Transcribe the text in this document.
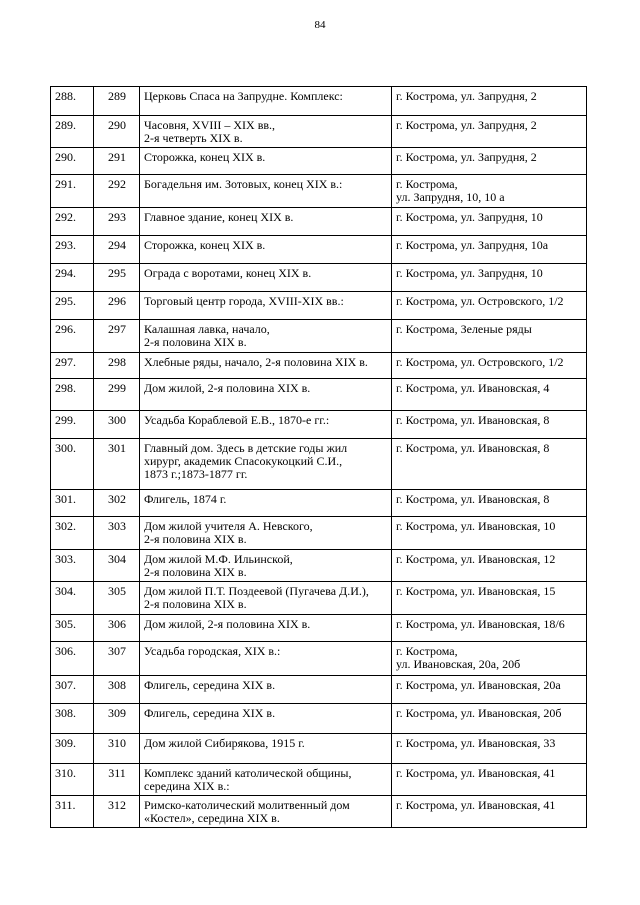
84
288.	289	Церковь Спаса на Запрудне. Комплекс:	г. Кострома, ул. Запрудня, 2
289.	290	Часовня, XVIII – XIX вв.,
2-я четверть XIX в.	г. Кострома, ул. Запрудня, 2
290.	291	Сторожка, конец XIX в.	г. Кострома, ул. Запрудня, 2
291.	292	Богадельня им. Зотовых, конец XIX в.:	г. Кострома,
ул. Запрудня, 10, 10 а
292.	293	Главное здание, конец XIX в.	г. Кострома, ул. Запрудня, 10
293.	294	Сторожка, конец XIX в.	г. Кострома, ул. Запрудня, 10а
294.	295	Ограда с воротами, конец XIX в.	г. Кострома, ул. Запрудня, 10
295.	296	Торговый центр города, XVIII-XIX вв.:	г. Кострома, ул. Островского, 1/2
296.	297	Калашная лавка, начало,
2-я половина XIX в.	г. Кострома, Зеленые ряды
297.	298	Хлебные ряды, начало, 2-я половина XIX в.	г. Кострома, ул. Островского, 1/2
298.	299	Дом жилой, 2-я половина XIX в.	г. Кострома, ул. Ивановская, 4
299.	300	Усадьба Кораблевой Е.В., 1870-е гг.:	г. Кострома, ул. Ивановская, 8
300.	301	Главный дом. Здесь в детские годы жил
хирург, академик Спасокукоцкий С.И.,
1873 г.;1873-1877 гг.	г. Кострома, ул. Ивановская, 8
301.	302	Флигель, 1874 г.	г. Кострома, ул. Ивановская, 8
302.	303	Дом жилой учителя А. Невского,
2-я половина XIX в.	г. Кострома, ул. Ивановская, 10
303.	304	Дом жилой М.Ф. Ильинской,
2-я половина XIX в.	г. Кострома, ул. Ивановская, 12
304.	305	Дом жилой П.Т. Поздеевой (Пугачева Д.И.),
2-я половина XIX в.	г. Кострома, ул. Ивановская, 15
305.	306	Дом жилой, 2-я половина XIX в.	г. Кострома, ул. Ивановская, 18/6
306.	307	Усадьба городская, XIX в.:	г. Кострома,
ул. Ивановская, 20а, 20б
307.	308	Флигель, середина XIX в.	г. Кострома, ул. Ивановская, 20а
308.	309	Флигель, середина XIX в.	г. Кострома, ул. Ивановская, 20б
309.	310	Дом жилой Сибирякова, 1915 г.	г. Кострома, ул. Ивановская, 33
310.	311	Комплекс зданий католической общины,
середина XIX в.:	г. Кострома, ул. Ивановская, 41
311.	312	Римско-католический молитвенный дом
«Костел», середина XIX в.	г. Кострома, ул. Ивановская, 41
